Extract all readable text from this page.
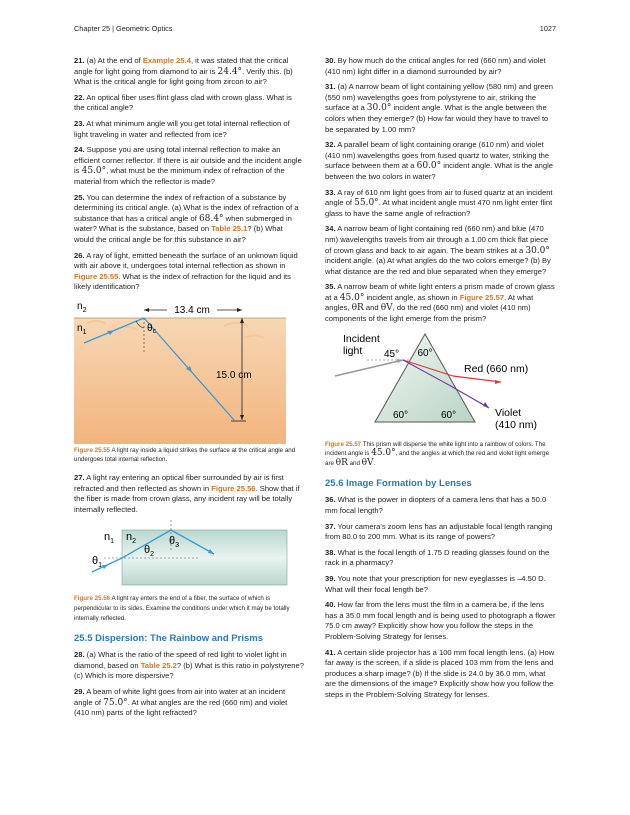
Chapter 25 | Geometric Optics	1027

21. (a) At the end of Example 25.4, it was stated that the critical angle for light going from diamond to air is 24.4°. Verify this. (b) What is the critical angle for light going from zircon to air?

22. An optical fiber uses flint glass clad with crown glass. What is the critical angle?

23. At what minimum angle will you get total internal reflection of light traveling in water and reflected from ice?

24. Suppose you are using total internal reflection to make an efficient corner reflector. If there is air outside and the incident angle is 45.0°, what must be the minimum index of refraction of the material from which the reflector is made?

25. You can determine the index of refraction of a substance by determining its critical angle. (a) What is the index of refraction of a substance that has a critical angle of 68.4° when submerged in water? What is the substance, based on Table 25.1? (b) What would the critical angle be for this substance in air?

26. A ray of light, emitted beneath the surface of an unknown liquid with air above it, undergoes total internal reflection as shown in Figure 25.55. What is the index of refraction for the liquid and its likely identification?

$n_2$
$n_1$
13.4 cm
15.0 cm
$\theta_c$

Figure 25.55 A light ray inside a liquid strikes the surface at the critical angle and undergoes total internal reflection.

27. A light ray entering an optical fiber surrounded by air is first refracted and then reflected as shown in Figure 25.56. Show that if the fiber is made from crown glass, any incident ray will be totally internally reflected.

$n_1$ $n_2$
$\theta_1$
$\theta_2$
$\theta_3$

Figure 25.56 A light ray enters the end of a fiber, the surface of which is perpendicular to its sides. Examine the conditions under which it may be totally internally reflected.

25.5 Dispersion: The Rainbow and Prisms

28. (a) What is the ratio of the speed of red light to violet light in diamond, based on Table 25.2? (b) What is this ratio in polystyrene? (c) Which is more dispersive?

29. A beam of white light goes from air into water at an incident angle of 75.0°. At what angles are the red (660 nm) and violet (410 nm) parts of the light refracted?

30. By how much do the critical angles for red (660 nm) and violet (410 nm) light differ in a diamond surrounded by air?

31. (a) A narrow beam of light containing yellow (580 nm) and green (550 nm) wavelengths goes from polystyrene to air, striking the surface at a 30.0° incident angle. What is the angle between the colors when they emerge? (b) How far would they have to travel to be separated by 1.00 mm?

32. A parallel beam of light containing orange (610 nm) and violet (410 nm) wavelengths goes from fused quartz to water, striking the surface between them at a 60.0° incident angle. What is the angle between the two colors in water?

33. A ray of 610 nm light goes from air to fused quartz at an incident angle of 55.0°. At what incident angle must 470 nm light enter flint glass to have the same angle of refraction?

34. A narrow beam of light containing red (660 nm) and blue (470 nm) wavelengths travels from air through a 1.00 cm thick flat piece of crown glass and back to air again. The beam strikes at a 30.0° incident angle. (a) At what angles do the two colors emerge? (b) By what distance are the red and blue separated when they emerge?

35. A narrow beam of white light enters a prism made of crown glass at a 45.0° incident angle, as shown in Figure 25.57. At what angles, θR and θV, do the red (660 nm) and violet (410 nm) components of the light emerge from the prism?

Incident light	45° 60°
60°	60°
Red (660 nm)
Violet (410 nm)

Figure 25.57 This prism will disperse the white light into a rainbow of colors. The incident angle is 45.0°, and the angles at which the red and violet light emerge are θR and θV.

25.6 Image Formation by Lenses

36. What is the power in diopters of a camera lens that has a 50.0 mm focal length?

37. Your camera’s zoom lens has an adjustable focal length ranging from 80.0 to 200 mm. What is its range of powers?

38. What is the focal length of 1.75 D reading glasses found on the rack in a pharmacy?

39. You note that your prescription for new eyeglasses is –4.50 D. What will their focal length be?

40. How far from the lens must the film in a camera be, if the lens has a 35.0 mm focal length and is being used to photograph a flower 75.0 cm away? Explicitly show how you follow the steps in the Problem-Solving Strategy for lenses.

41. A certain slide projector has a 100 mm focal length lens. (a) How far away is the screen, if a slide is placed 103 mm from the lens and produces a sharp image? (b) If the slide is 24.0 by 36.0 mm, what are the dimensions of the image? Explicitly show how you follow the steps in the Problem-Solving Strategy for lenses.
